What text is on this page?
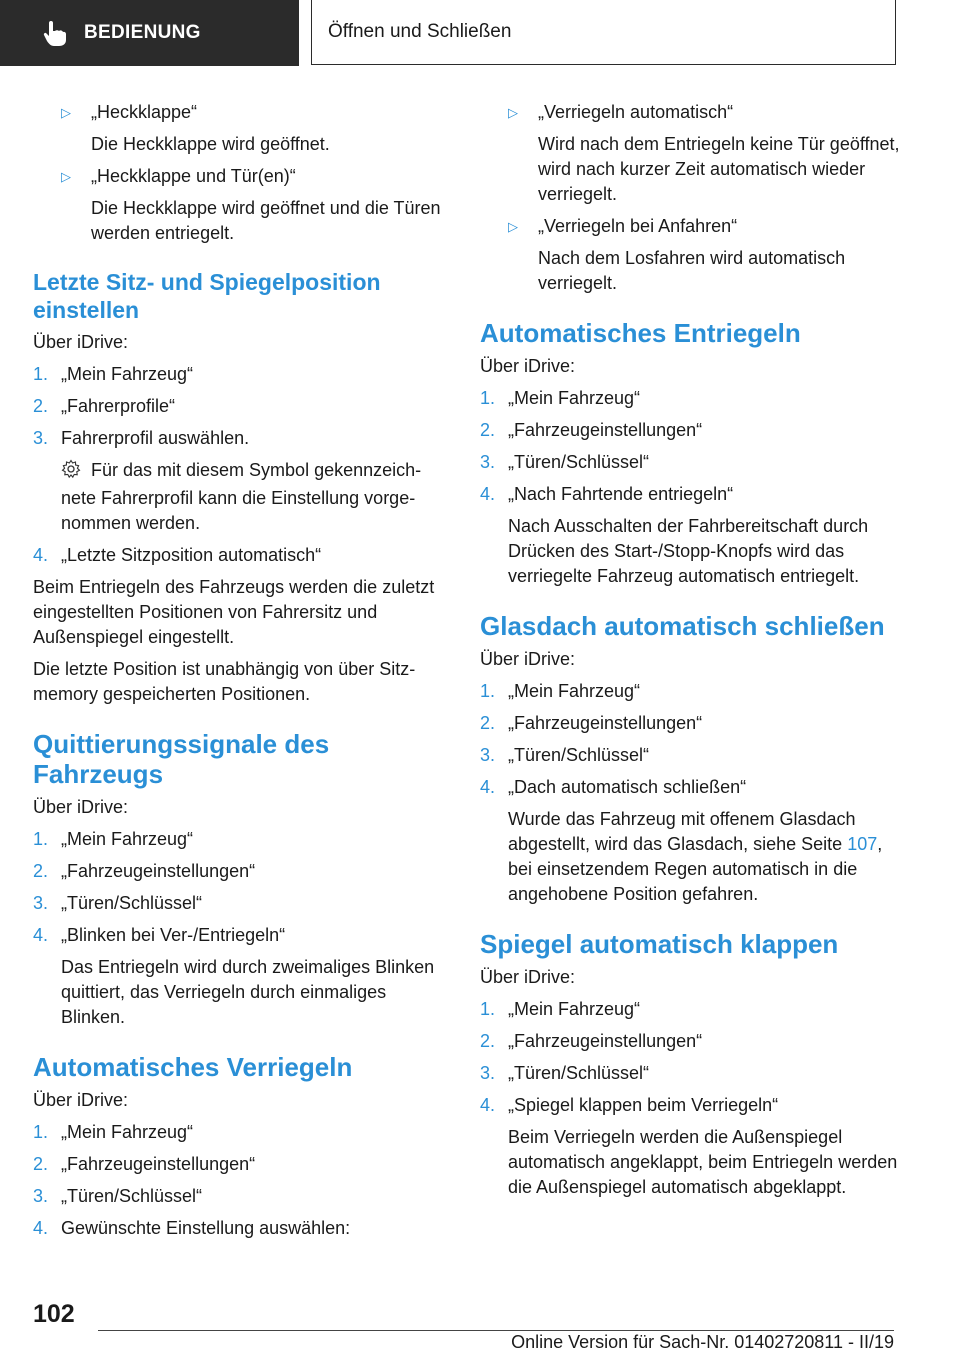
BEDIENUNG	Öffnen und Schließen
▷	„Heckklappe“

Die Heckklappe wird geöffnet.

▷	„Heckklappe und Tür(en)“

Die Heckklappe wird geöffnet und die Türen werden entriegelt.

Letzte Sitz- und Spiegelposition einstellen

Über iDrive:

1. „Mein Fahrzeug“
2. „Fahrerprofile“
3. Fahrerprofil auswählen.

Für das mit diesem Symbol gekennzeichnete Fahrerprofil kann die Einstellung vorgenommen werden.

4. „Letzte Sitzposition automatisch“

Beim Entriegeln des Fahrzeugs werden die zuletzt eingestellten Positionen von Fahrersitz und Außenspiegel eingestellt.

Die letzte Position ist unabhängig von über Sitzmemory gespeicherten Positionen.

Quittierungssignale des Fahrzeugs

Über iDrive:

1. „Mein Fahrzeug“
2. „Fahrzeugeinstellungen“
3. „Türen/Schlüssel“
4. „Blinken bei Ver-/Entriegeln“

Das Entriegeln wird durch zweimaliges Blinken quittiert, das Verriegeln durch einmaliges Blinken.

Automatisches Verriegeln

Über iDrive:

1. „Mein Fahrzeug“
2. „Fahrzeugeinstellungen“
3. „Türen/Schlüssel“
4. Gewünschte Einstellung auswählen:
▷	„Verriegeln automatisch“

Wird nach dem Entriegeln keine Tür geöffnet, wird nach kurzer Zeit automatisch wieder verriegelt.

▷	„Verriegeln bei Anfahren“

Nach dem Losfahren wird automatisch verriegelt.

Automatisches Entriegeln

Über iDrive:

1. „Mein Fahrzeug“
2. „Fahrzeugeinstellungen“
3. „Türen/Schlüssel“
4. „Nach Fahrtende entriegeln“

Nach Ausschalten der Fahrbereitschaft durch Drücken des Start-/Stopp-Knopfs wird das verriegelte Fahrzeug automatisch entriegelt.

Glasdach automatisch schließen

Über iDrive:

1. „Mein Fahrzeug“
2. „Fahrzeugeinstellungen“
3. „Türen/Schlüssel“
4. „Dach automatisch schließen“

Wurde das Fahrzeug mit offenem Glasdach abgestellt, wird das Glasdach, siehe Seite 107, bei einsetzendem Regen automatisch in die angehobene Position gefahren.

Spiegel automatisch klappen

Über iDrive:

1. „Mein Fahrzeug“
2. „Fahrzeugeinstellungen“
3. „Türen/Schlüssel“
4. „Spiegel klappen beim Verriegeln“

Beim Verriegeln werden die Außenspiegel automatisch angeklappt, beim Entriegeln werden die Außenspiegel automatisch abgeklappt.

102
Online Version für Sach-Nr. 01402720811 - II/19
